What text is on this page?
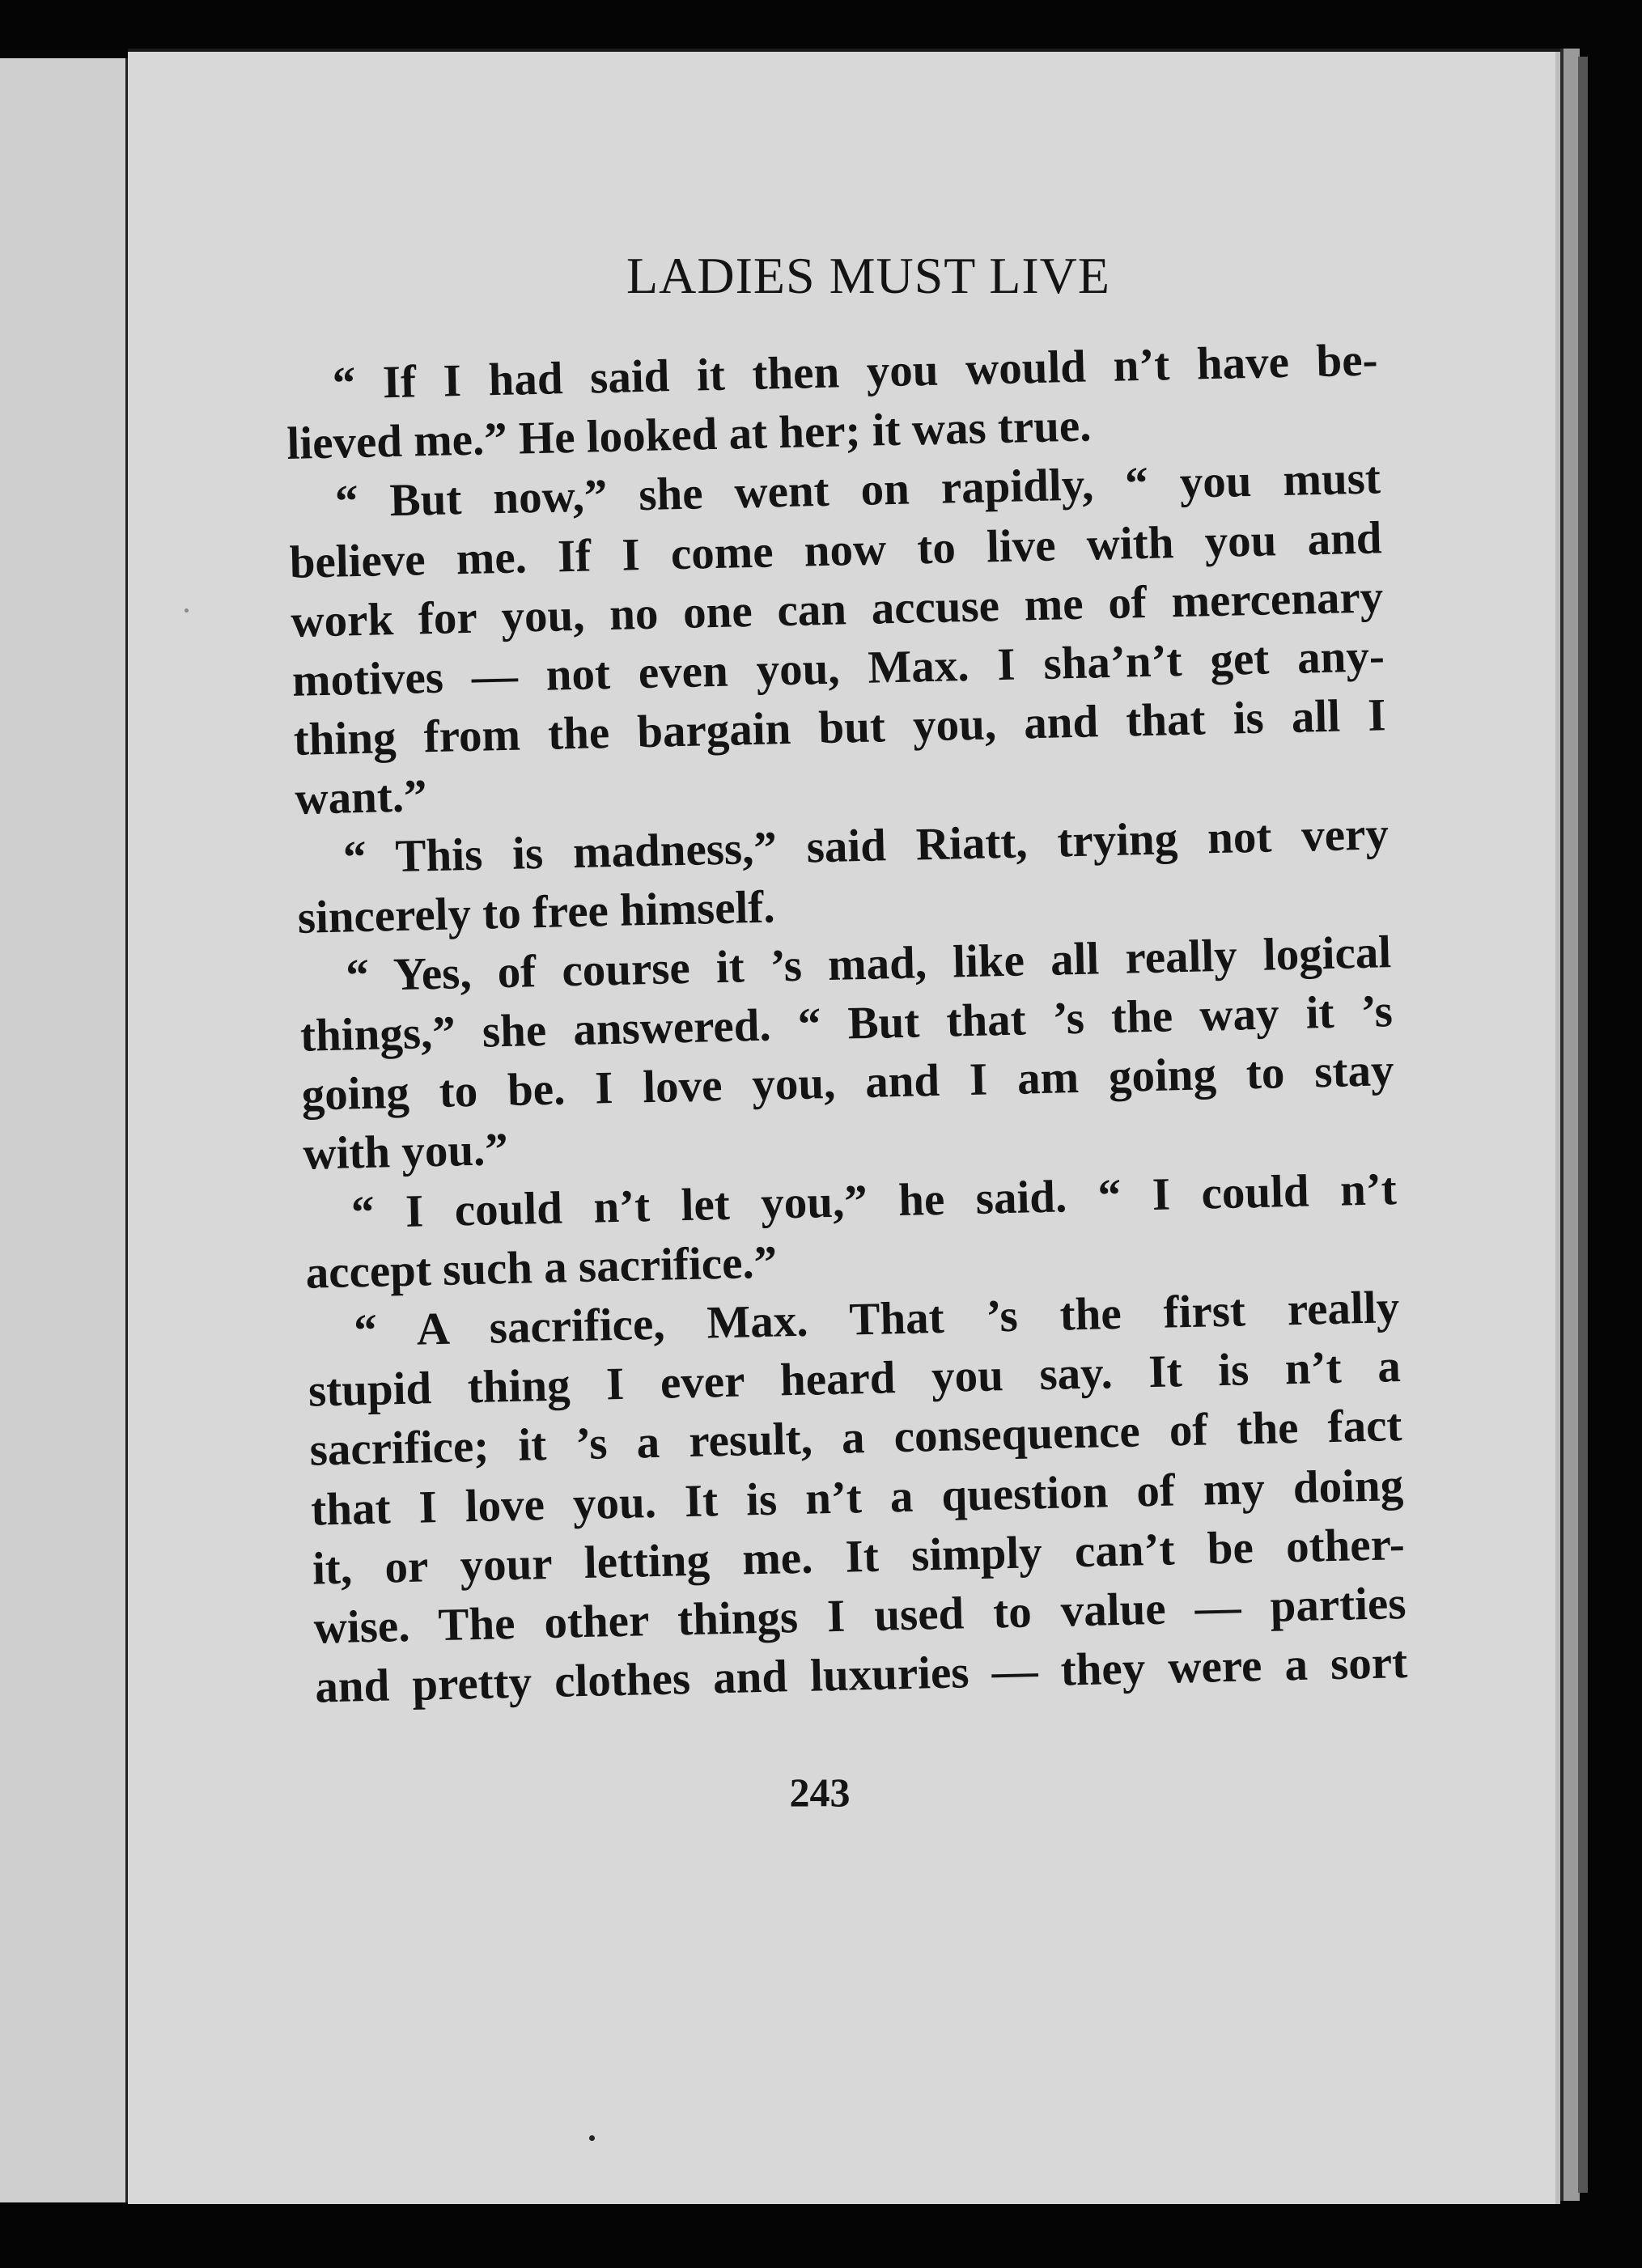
LADIES MUST LIVE
“ If I had said it then you would n’t have be-
lieved me.” He looked at her; it was true.
“ But now,” she went on rapidly, “ you must
believe me. If I come now to live with you and
work for you, no one can accuse me of mercenary
motives — not even you, Max. I sha’n’t get any-
thing from the bargain but you, and that is all I
want.”
“ This is madness,” said Riatt, trying not very
sincerely to free himself.
“ Yes, of course it ’s mad, like all really logical
things,” she answered. “ But that ’s the way it ’s
going to be. I love you, and I am going to stay
with you.”
“ I could n’t let you,” he said. “ I could n’t
accept such a sacrifice.”
“ A sacrifice, Max. That ’s the first really
stupid thing I ever heard you say. It is n’t a
sacrifice; it ’s a result, a consequence of the fact
that I love you. It is n’t a question of my doing
it, or your letting me. It simply can’t be other-
wise. The other things I used to value — parties
and pretty clothes and luxuries — they were a sort
243
